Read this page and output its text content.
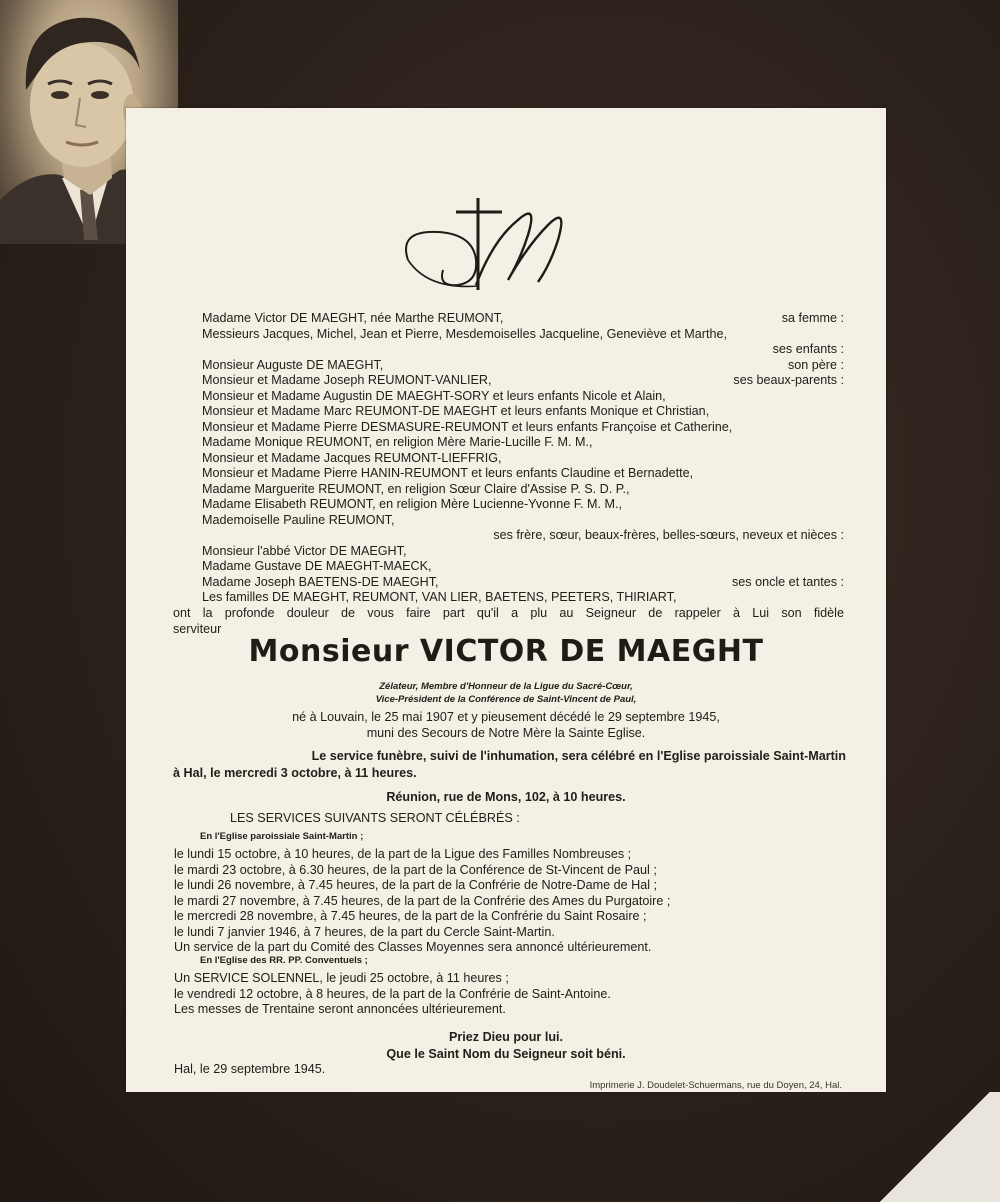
Madame Victor DE MAEGHT, née Marthe REUMONT,	sa femme :
Messieurs Jacques, Michel, Jean et Pierre, Mesdemoiselles Jacqueline, Geneviève et Marthe,
ses enfants :
Monsieur Auguste DE MAEGHT,	son père :
Monsieur et Madame Joseph REUMONT-VANLIER,	ses beaux-parents :
Monsieur et Madame Augustin DE MAEGHT-SORY et leurs enfants Nicole et Alain,
Monsieur et Madame Marc REUMONT-DE MAEGHT et leurs enfants Monique et Christian,
Monsieur et Madame Pierre DESMASURE-REUMONT et leurs enfants Françoise et Catherine,
Madame Monique REUMONT, en religion Mère Marie-Lucille F. M. M.,
Monsieur et Madame Jacques REUMONT-LIEFFRIG,
Monsieur et Madame Pierre HANIN-REUMONT et leurs enfants Claudine et Bernadette,
Madame Marguerite REUMONT, en religion Sœur Claire d'Assise P. S. D. P.,
Madame Elisabeth REUMONT, en religion Mère Lucienne-Yvonne F. M. M.,
Mademoiselle Pauline REUMONT,
ses frère, sœur, beaux-frères, belles-sœurs, neveux et nièces :
Monsieur l'abbé Victor DE MAEGHT,
Madame Gustave DE MAEGHT-MAECK,
Madame Joseph BAETENS-DE MAEGHT,	ses oncle et tantes :
Les familles DE MAEGHT, REUMONT, VAN LIER, BAETENS, PEETERS, THIRIART,
ont la profonde douleur de vous faire part qu'il a plu au Seigneur de rappeler à Lui son fidèle
serviteur
Monsieur VICTOR DE MAEGHT
Zélateur, Membre d'Honneur de la Ligue du Sacré-Cœur,
Vice-Président de la Conférence de Saint-Vincent de Paul,
né à Louvain, le 25 mai 1907 et y pieusement décédé le 29 septembre 1945,
muni des Secours de Notre Mère la Sainte Eglise.
Le service funèbre, suivi de l'inhumation, sera célébré en l'Eglise paroissiale Saint-Martin
à Hal, le mercredi 3 octobre, à 11 heures.
Réunion, rue de Mons, 102, à 10 heures.
LES SERVICES SUIVANTS SERONT CÉLÉBRÉS :
En l'Eglise paroissiale Saint-Martin ;
le lundi 15 octobre, à 10 heures, de la part de la Ligue des Familles Nombreuses ;
le mardi 23 octobre, à 6.30 heures, de la part de la Conférence de St-Vincent de Paul ;
le lundi 26 novembre, à 7.45 heures, de la part de la Confrérie de Notre-Dame de Hal ;
le mardi 27 novembre, à 7.45 heures, de la part de la Confrérie des Ames du Purgatoire ;
le mercredi 28 novembre, à 7.45 heures, de la part de la Confrérie du Saint Rosaire ;
le lundi 7 janvier 1946, à 7 heures, de la part du Cercle Saint-Martin.
Un service de la part du Comité des Classes Moyennes sera annoncé ultérieurement.
En l'Eglise des RR. PP. Conventuels ;
Un SERVICE SOLENNEL, le jeudi 25 octobre, à 11 heures ;
le vendredi 12 octobre, à 8 heures, de la part de la Confrérie de Saint-Antoine.
Les messes de Trentaine seront annoncées ultérieurement.
Priez Dieu pour lui.
Que le Saint Nom du Seigneur soit béni.
Hal, le 29 septembre 1945.
Imprimerie J. Doudelet-Schuermans, rue du Doyen, 24, Hal.
